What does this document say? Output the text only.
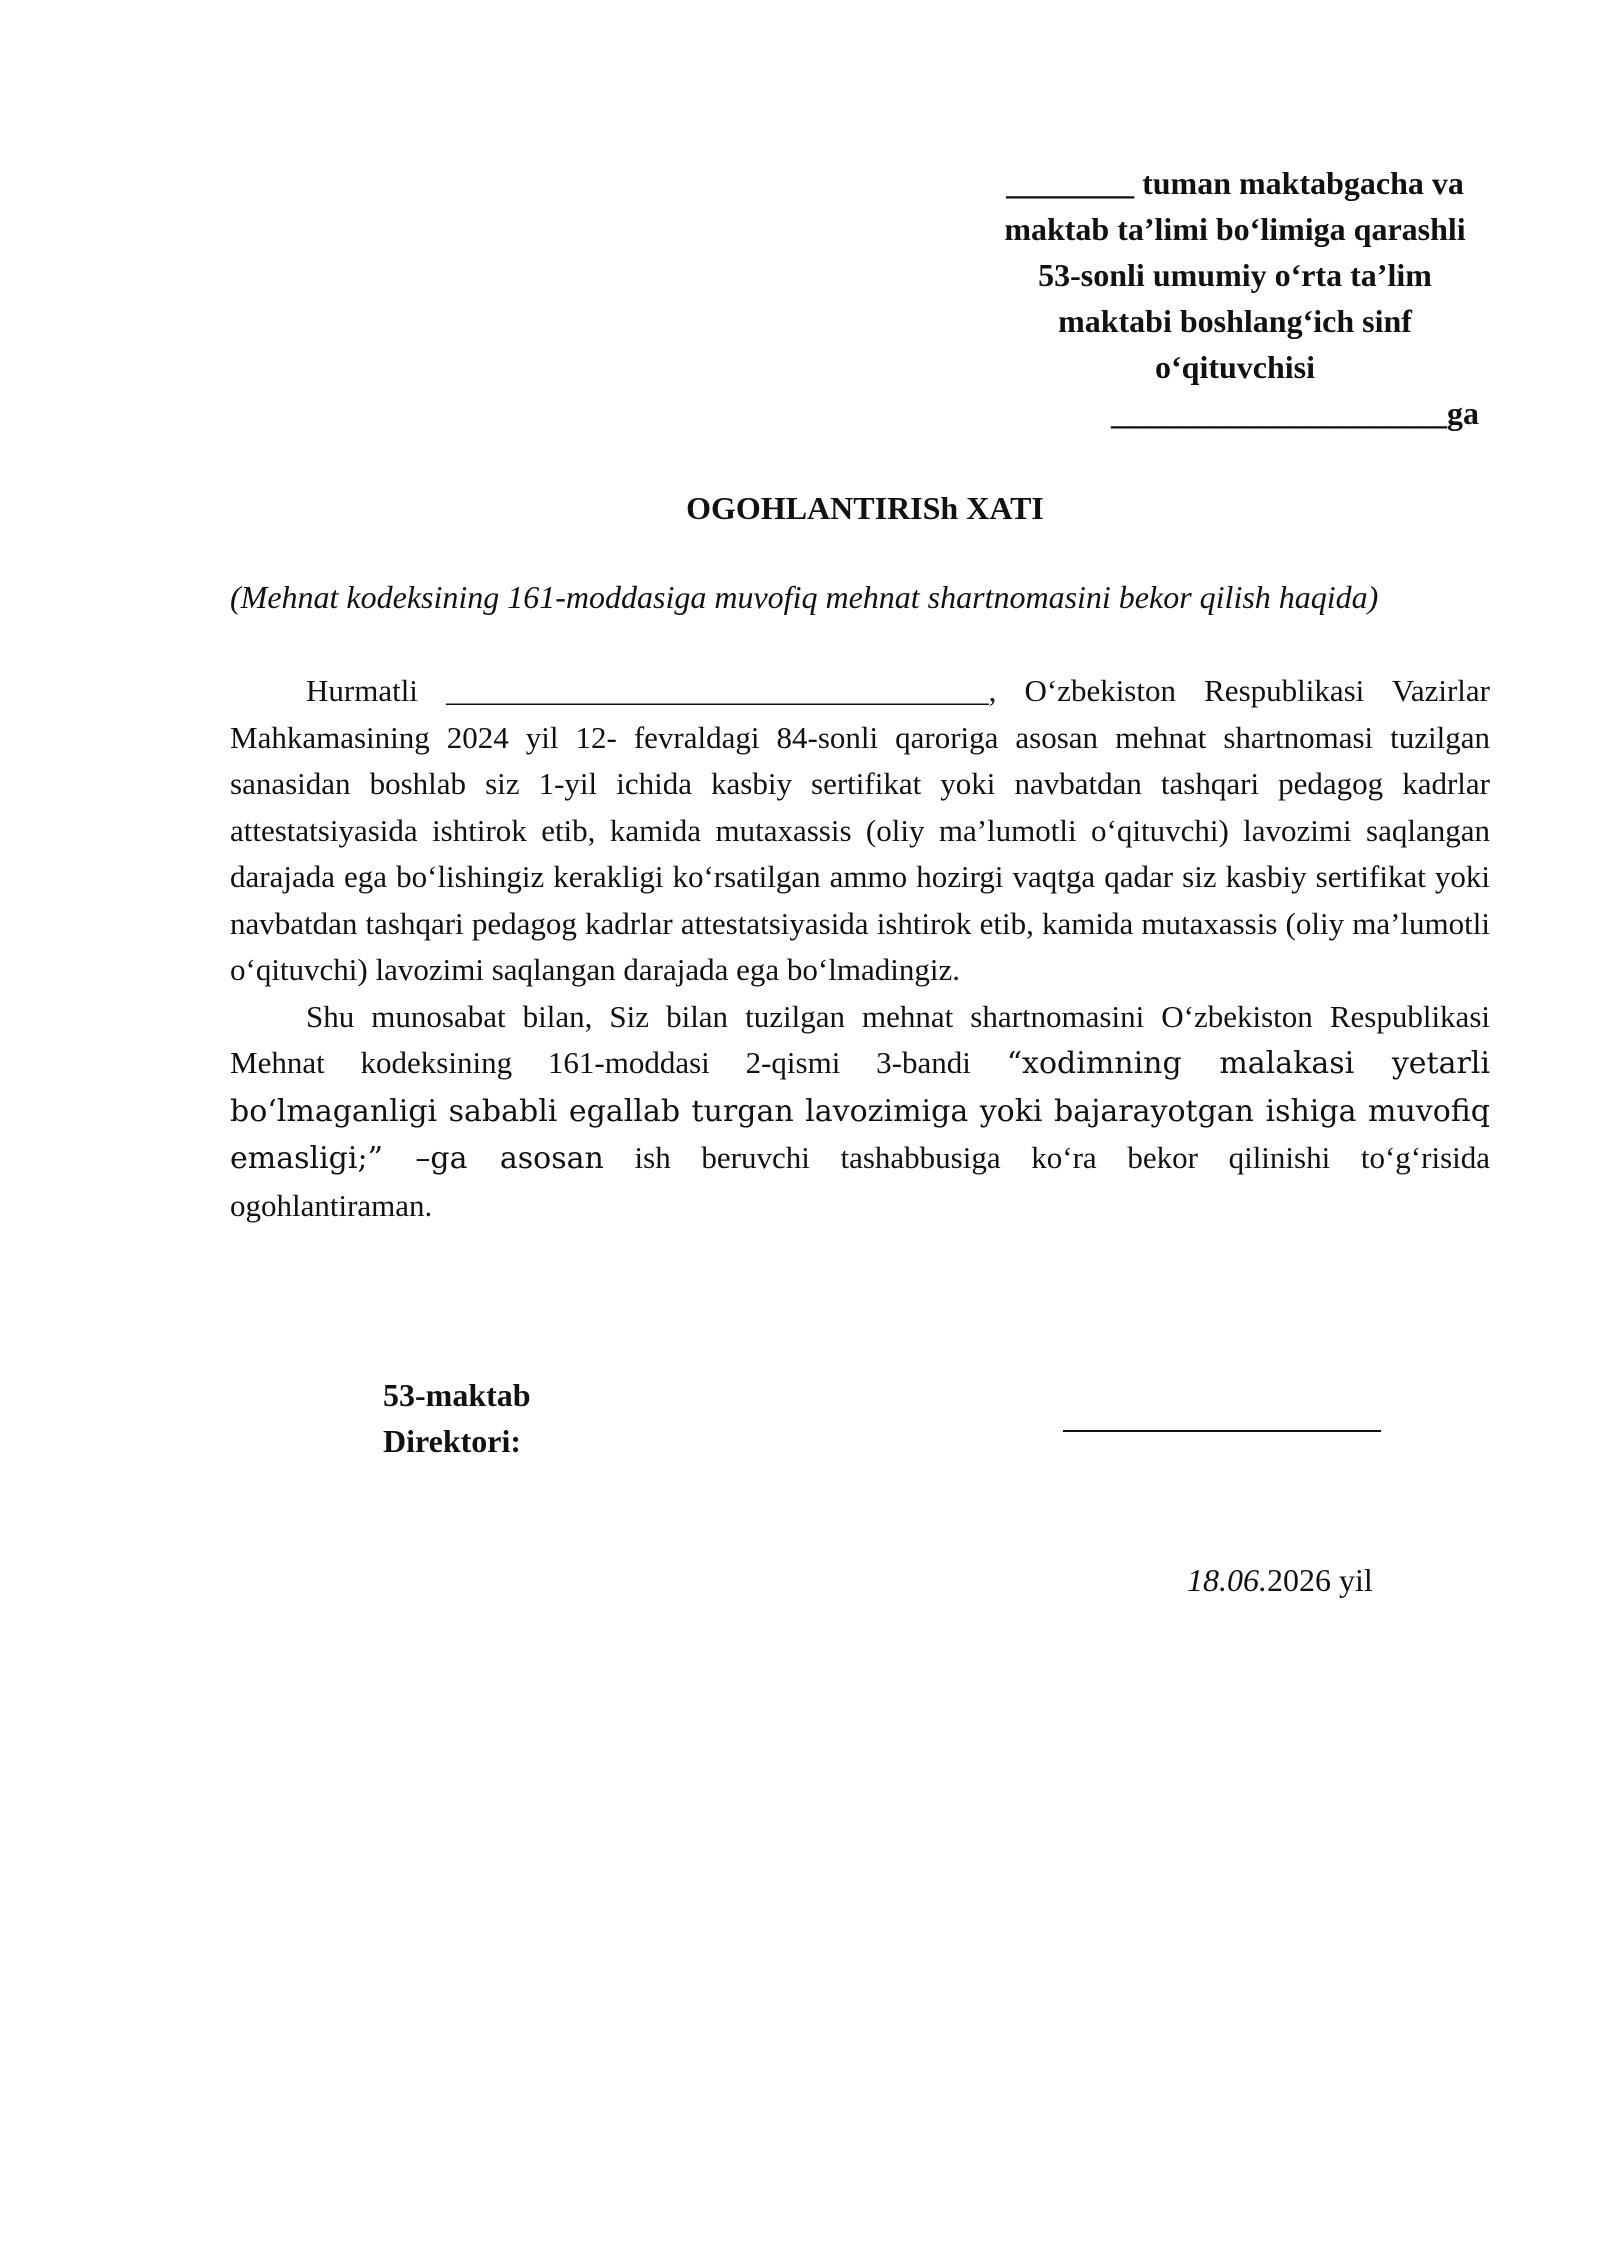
________ tuman maktabgacha va
maktab ta’limi bo‘limiga qarashli
53-sonli umumiy o‘rta ta’lim
maktabi boshlang‘ich sinf
o‘qituvchisi
_____________________ga
OGOHLANTIRISh XATI
(Mehnat kodeksining 161-moddasiga muvofiq mehnat shartnomasini bekor qilish haqida)

Hurmatli ___________________________________, O‘zbekiston Respublikasi Vazirlar Mahkamasining 2024 yil 12- fevraldagi 84-sonli qaroriga asosan mehnat shartnomasi tuzilgan sanasidan boshlab siz 1-yil ichida kasbiy sertifikat yoki navbatdan tashqari pedagog kadrlar attestatsiyasida ishtirok etib, kamida mutaxassis (oliy ma’lumotli o‘qituvchi) lavozimi saqlangan darajada ega bo‘lishingiz kerakligi ko‘rsatilgan ammo hozirgi vaqtga qadar siz kasbiy sertifikat yoki navbatdan tashqari pedagog kadrlar attestatsiyasida ishtirok etib, kamida mutaxassis (oliy ma’lumotli o‘qituvchi) lavozimi saqlangan darajada ega bo‘lmadingiz.

Shu munosabat bilan, Siz bilan tuzilgan mehnat shartnomasini O‘zbekiston Respublikasi Mehnat kodeksining 161-moddasi 2-qismi 3-bandi “xodimning malakasi yetarli bo‘lmaganligi sababli egallab turgan lavozimiga yoki bajarayotgan ishiga muvofiq emasligi;” –ga asosan ish beruvchi tashabbusiga ko‘ra bekor qilinishi to‘g‘risida ogohlantiraman.

53-maktab
Direktori:
18.06.2026 yil
